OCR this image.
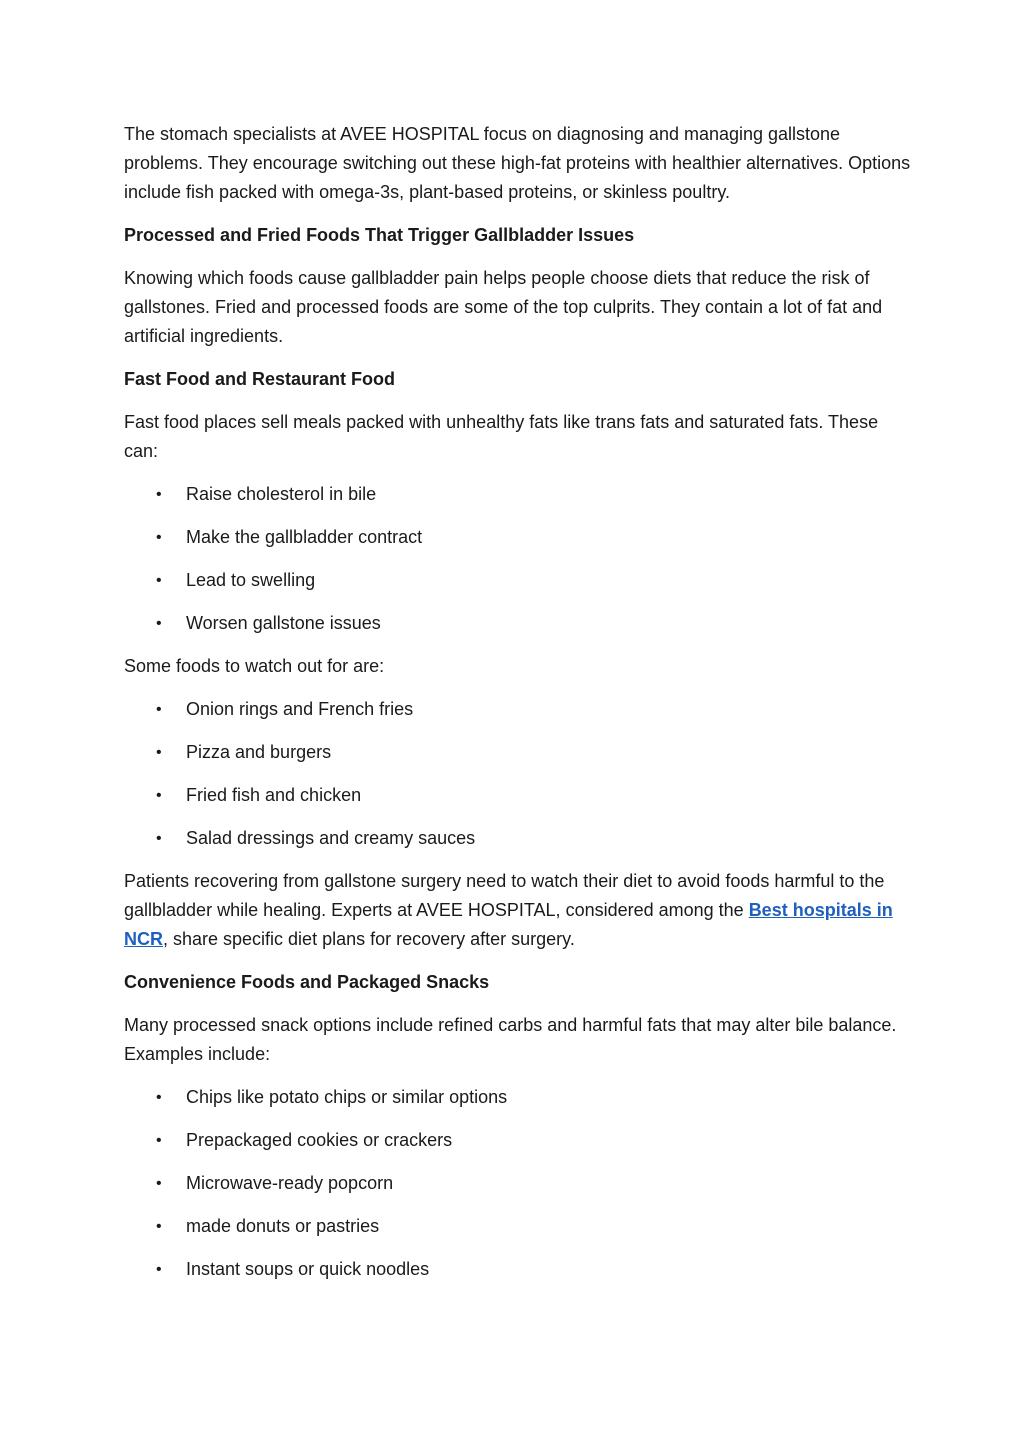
The stomach specialists at AVEE HOSPITAL focus on diagnosing and managing gallstone problems. They encourage switching out these high-fat proteins with healthier alternatives. Options include fish packed with omega-3s, plant-based proteins, or skinless poultry.

Processed and Fried Foods That Trigger Gallbladder Issues

Knowing which foods cause gallbladder pain helps people choose diets that reduce the risk of gallstones. Fried and processed foods are some of the top culprits. They contain a lot of fat and artificial ingredients.

Fast Food and Restaurant Food

Fast food places sell meals packed with unhealthy fats like trans fats and saturated fats. These can:

• Raise cholesterol in bile
• Make the gallbladder contract
• Lead to swelling
• Worsen gallstone issues

Some foods to watch out for are:

• Onion rings and French fries
• Pizza and burgers
• Fried fish and chicken
• Salad dressings and creamy sauces

Patients recovering from gallstone surgery need to watch their diet to avoid foods harmful to the gallbladder while healing. Experts at AVEE HOSPITAL, considered among the Best hospitals in NCR, share specific diet plans for recovery after surgery.

Convenience Foods and Packaged Snacks

Many processed snack options include refined carbs and harmful fats that may alter bile balance. Examples include:

• Chips like potato chips or similar options
• Prepackaged cookies or crackers
• Microwave-ready popcorn
• made donuts or pastries
• Instant soups or quick noodles
